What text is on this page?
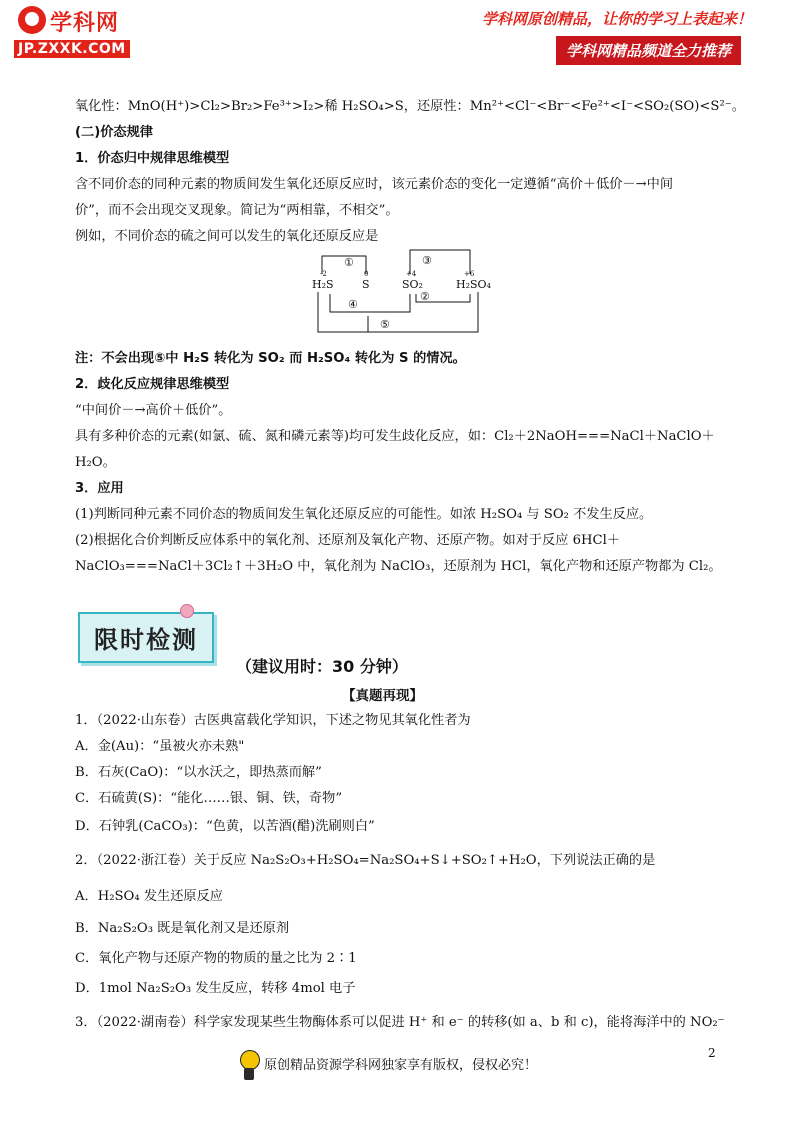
学科网
JP.ZXXK.COM
学科网原创精品，让你的学习上表起来！
学科网精品频道全力推荐
氧化性：MnO(H⁺)>Cl₂>Br₂>Fe³⁺>I₂>稀 H₂SO₄>S，还原性：Mn²⁺<Cl⁻<Br⁻<Fe²⁺<I⁻<SO₂(SO)<S²⁻。
(二)价态规律
1．价态归中规律思维模型
含不同价态的同种元素的物质间发生氧化还原反应时，该元素价态的变化一定遵循“高价＋低价－→中间
价”，而不会出现交叉现象。简记为“两相靠，不相交”。
例如，不同价态的硫之间可以发生的氧化还原反应是
①	③
④
②
⑤
-2	0	+4	+6
H₂S	S	SO₂	H₂SO₄
注：不会出现⑤中 H₂S 转化为 SO₂ 而 H₂SO₄ 转化为 S 的情况。
2．歧化反应规律思维模型
“中间价－→高价＋低价”。
具有多种价态的元素(如氯、硫、氮和磷元素等)均可发生歧化反应，如：Cl₂＋2NaOH===NaCl＋NaClO＋
H₂O。
3．应用
(1)判断同种元素不同价态的物质间发生氧化还原反应的可能性。如浓 H₂SO₄ 与 SO₂ 不发生反应。
(2)根据化合价判断反应体系中的氧化剂、还原剂及氧化产物、还原产物。如对于反应 6HCl＋
NaClO₃===NaCl＋3Cl₂↑＋3H₂O 中，氧化剂为 NaClO₃，还原剂为 HCl，氧化产物和还原产物都为 Cl₂。
限时检测
（建议用时：30 分钟）
【真题再现】
1．（2022·山东卷）古医典富载化学知识，下述之物见其氧化性者为
A．金(Au)：“虽被火亦未熟"
B．石灰(CaO)：“以水沃之，即热蒸而解”
C．石硫黄(S)：“能化……银、铜、铁，奇物”
D．石钟乳(CaCO₃)：“色黄，以苦酒(醋)洗刷则白”
2．（2022·浙江卷）关于反应 Na₂S₂O₃+H₂SO₄=Na₂SO₄+S↓+SO₂↑+H₂O，下列说法正确的是
A．H₂SO₄ 发生还原反应
B．Na₂S₂O₃ 既是氧化剂又是还原剂
C．氧化产物与还原产物的物质的量之比为 2∶1
D．1mol Na₂S₂O₃ 发生反应，转移 4mol 电子
3．（2022·湖南卷）科学家发现某些生物酶体系可以促进 H⁺ 和 e⁻ 的转移(如 a、b 和 c)，能将海洋中的 NO₂⁻
2
原创精品资源学科网独家享有版权，侵权必究！
